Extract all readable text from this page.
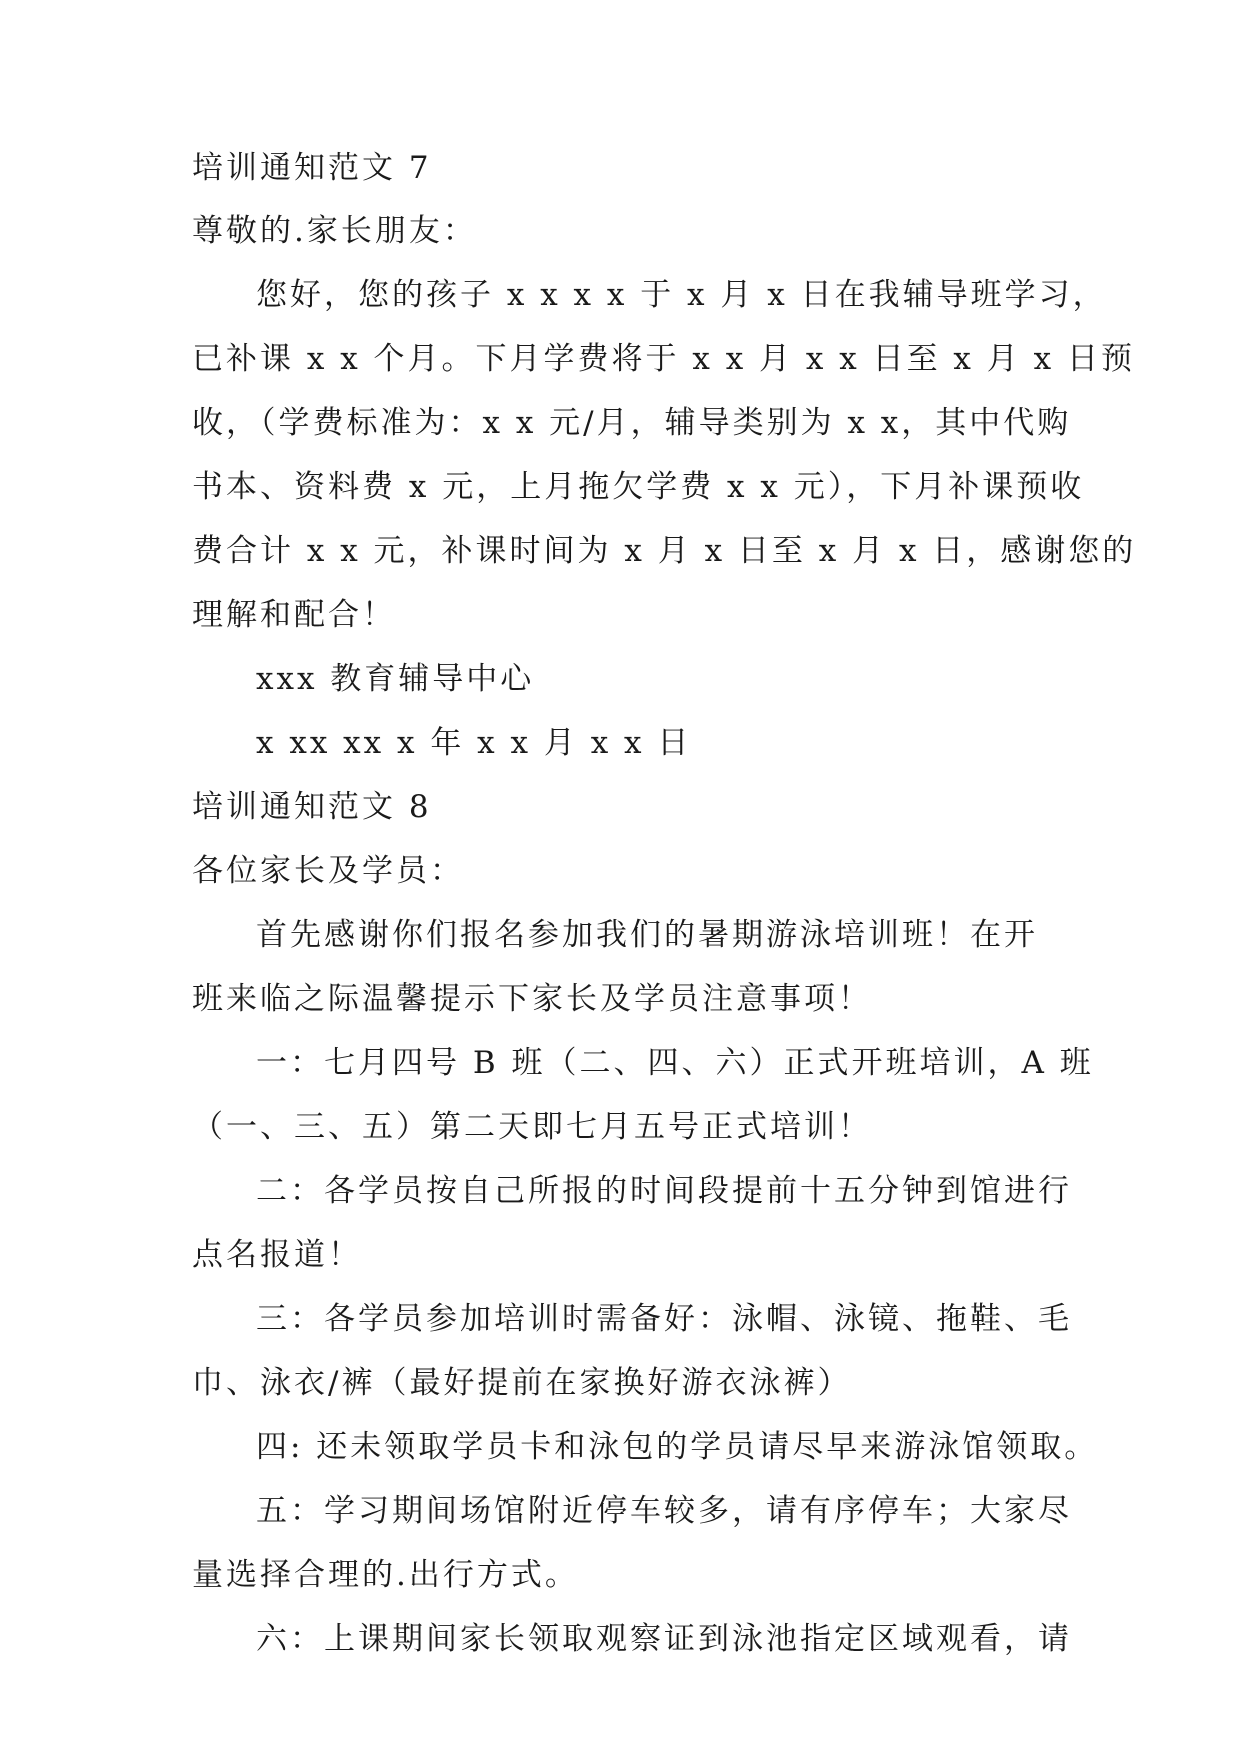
培训通知范文 7
尊敬的.家长朋友：
您好，您的孩子 x x x x 于 x 月 x 日在我辅导班学习，
已补课 x x 个月。下月学费将于 x x 月 x x 日至 x 月 x 日预
收，（学费标准为：x x 元/月，辅导类别为 x x，其中代购
书本、资料费 x 元，上月拖欠学费 x x 元），下月补课预收
费合计 x x 元，补课时间为 x 月 x 日至 x 月 x 日，感谢您的
理解和配合！
xxx 教育辅导中心
x xx xx x 年 x x 月 x x 日
培训通知范文 8
各位家长及学员：
首先感谢你们报名参加我们的暑期游泳培训班！在开
班来临之际温馨提示下家长及学员注意事项！
一：七月四号 B 班（二、四、六）正式开班培训，A 班
（一、三、五）第二天即七月五号正式培训！
二：各学员按自己所报的时间段提前十五分钟到馆进行
点名报道！
三：各学员参加培训时需备好：泳帽、泳镜、拖鞋、毛
巾、泳衣/裤（最好提前在家换好游衣泳裤）
四: 还未领取学员卡和泳包的学员请尽早来游泳馆领取。
五：学习期间场馆附近停车较多，请有序停车；大家尽
量选择合理的.出行方式。
六：上课期间家长领取观察证到泳池指定区域观看，请
